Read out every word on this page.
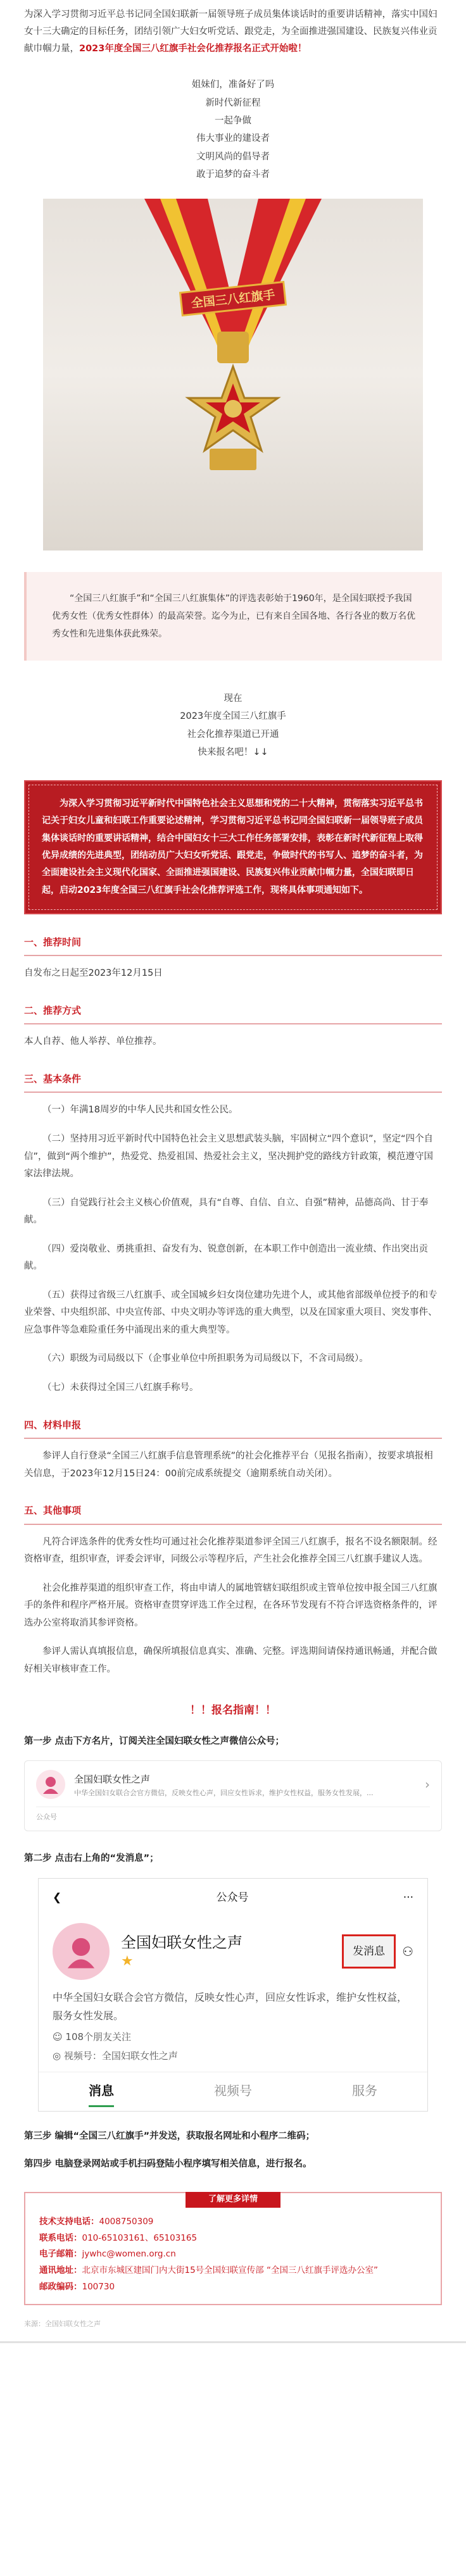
为深入学习贯彻习近平总书记同全国妇联新一届领导班子成员集体谈话时的重要讲话精神，落实中国妇女十三大确定的目标任务，团结引领广大妇女听党话、跟党走，为全面推进强国建设、民族复兴伟业贡献巾帼力量，2023年度全国三八红旗手社会化推荐报名正式开始啦！

姐妹们，准备好了吗
新时代新征程
一起争做
伟大事业的建设者
文明风尚的倡导者
敢于追梦的奋斗者
全国三八红旗手
“全国三八红旗手”和“全国三八红旗集体”的评选表彰始于1960年，是全国妇联授予我国优秀女性（优秀女性群体）的最高荣誉。迄今为止，已有来自全国各地、各行各业的数万名优秀女性和先进集体获此殊荣。
现在
2023年度全国三八红旗手
社会化推荐渠道已开通
快来报名吧！↓↓
为深入学习贯彻习近平新时代中国特色社会主义思想和党的二十大精神，贯彻落实习近平总书记关于妇女儿童和妇联工作重要论述精神，学习贯彻习近平总书记同全国妇联新一届领导班子成员集体谈话时的重要讲话精神，结合中国妇女十三大工作任务部署安排，表彰在新时代新征程上取得优异成绩的先进典型，团结动员广大妇女听党话、跟党走，争做时代的书写人、追梦的奋斗者，为全面建设社会主义现代化国家、全面推进强国建设、民族复兴伟业贡献巾帼力量，全国妇联即日起，启动2023年度全国三八红旗手社会化推荐评选工作，现将具体事项通知如下。
一、推荐时间

自发布之日起至2023年12月15日

二、推荐方式

本人自荐、他人举荐、单位推荐。

三、基本条件

（一）年满18周岁的中华人民共和国女性公民。

（二）坚持用习近平新时代中国特色社会主义思想武装头脑，牢固树立“四个意识”，坚定“四个自信”，做到“两个维护”，热爱党、热爱祖国、热爱社会主义，坚决拥护党的路线方针政策，模范遵守国家法律法规。

（三）自觉践行社会主义核心价值观，具有“自尊、自信、自立、自强”精神，品德高尚、甘于奉献。

（四）爱岗敬业、勇挑重担、奋发有为、锐意创新，在本职工作中创造出一流业绩、作出突出贡献。

（五）获得过省级三八红旗手、或全国城乡妇女岗位建功先进个人，或其他省部级单位授予的和专业荣誉、中央组织部、中央宣传部、中央文明办等评选的重大典型，以及在国家重大项目、突发事件、应急事件等急难险重任务中涌现出来的重大典型等。

（六）职级为司局级以下（企事业单位中所担职务为司局级以下，不含司局级）。

（七）未获得过全国三八红旗手称号。

四、材料申报

参评人自行登录“全国三八红旗手信息管理系统”的社会化推荐平台（见报名指南），按要求填报相关信息，于2023年12月15日24：00前完成系统提交（逾期系统自动关闭）。

五、其他事项

凡符合评选条件的优秀女性均可通过社会化推荐渠道参评全国三八红旗手，报名不设名额限制。经资格审查，组织审查，评委会评审，同级公示等程序后，产生社会化推荐全国三八红旗手建议人选。

社会化推荐渠道的组织审查工作，将由申请人的属地管辖妇联组织或主管单位按申报全国三八红旗手的条件和程序严格开展。资格审查贯穿评选工作全过程，在各环节发现有不符合评选资格条件的，评选办公室将取消其参评资格。

参评人需认真填报信息，确保所填报信息真实、准确、完整。评选期间请保持通讯畅通，并配合做好相关审核审查工作。

！！报名指南！！
第一步 点击下方名片，订阅关注全国妇联女性之声微信公众号；
全国妇联女性之声
中华全国妇女联合会官方微信，反映女性心声，回应女性诉求，维护女性权益，服务女性发展，...
›
公众号
第二步 点击右上角的“发消息”；
❮	公众号	···
全国妇联女性之声
★
发消息	⚇
中华全国妇女联合会官方微信，反映女性心声，回应女性诉求，维护女性权益，服务女性发展。
☺ 108个朋友关注
◎ 视频号：全国妇联女性之声
消息	视频号	服务
第三步 编辑“全国三八红旗手”并发送，获取报名网址和小程序二维码；
第四步 电脑登录网站或手机扫码登陆小程序填写相关信息，进行报名。
了解更多详情
技术支持电话： 4008750309
联系电话： 010-65103161、65103165
电子邮箱： jywhc@women.org.cn
通讯地址： 北京市东城区建国门内大街15号全国妇联宣传部 “全国三八红旗手评选办公室”
邮政编码： 100730
来源：全国妇联女性之声
